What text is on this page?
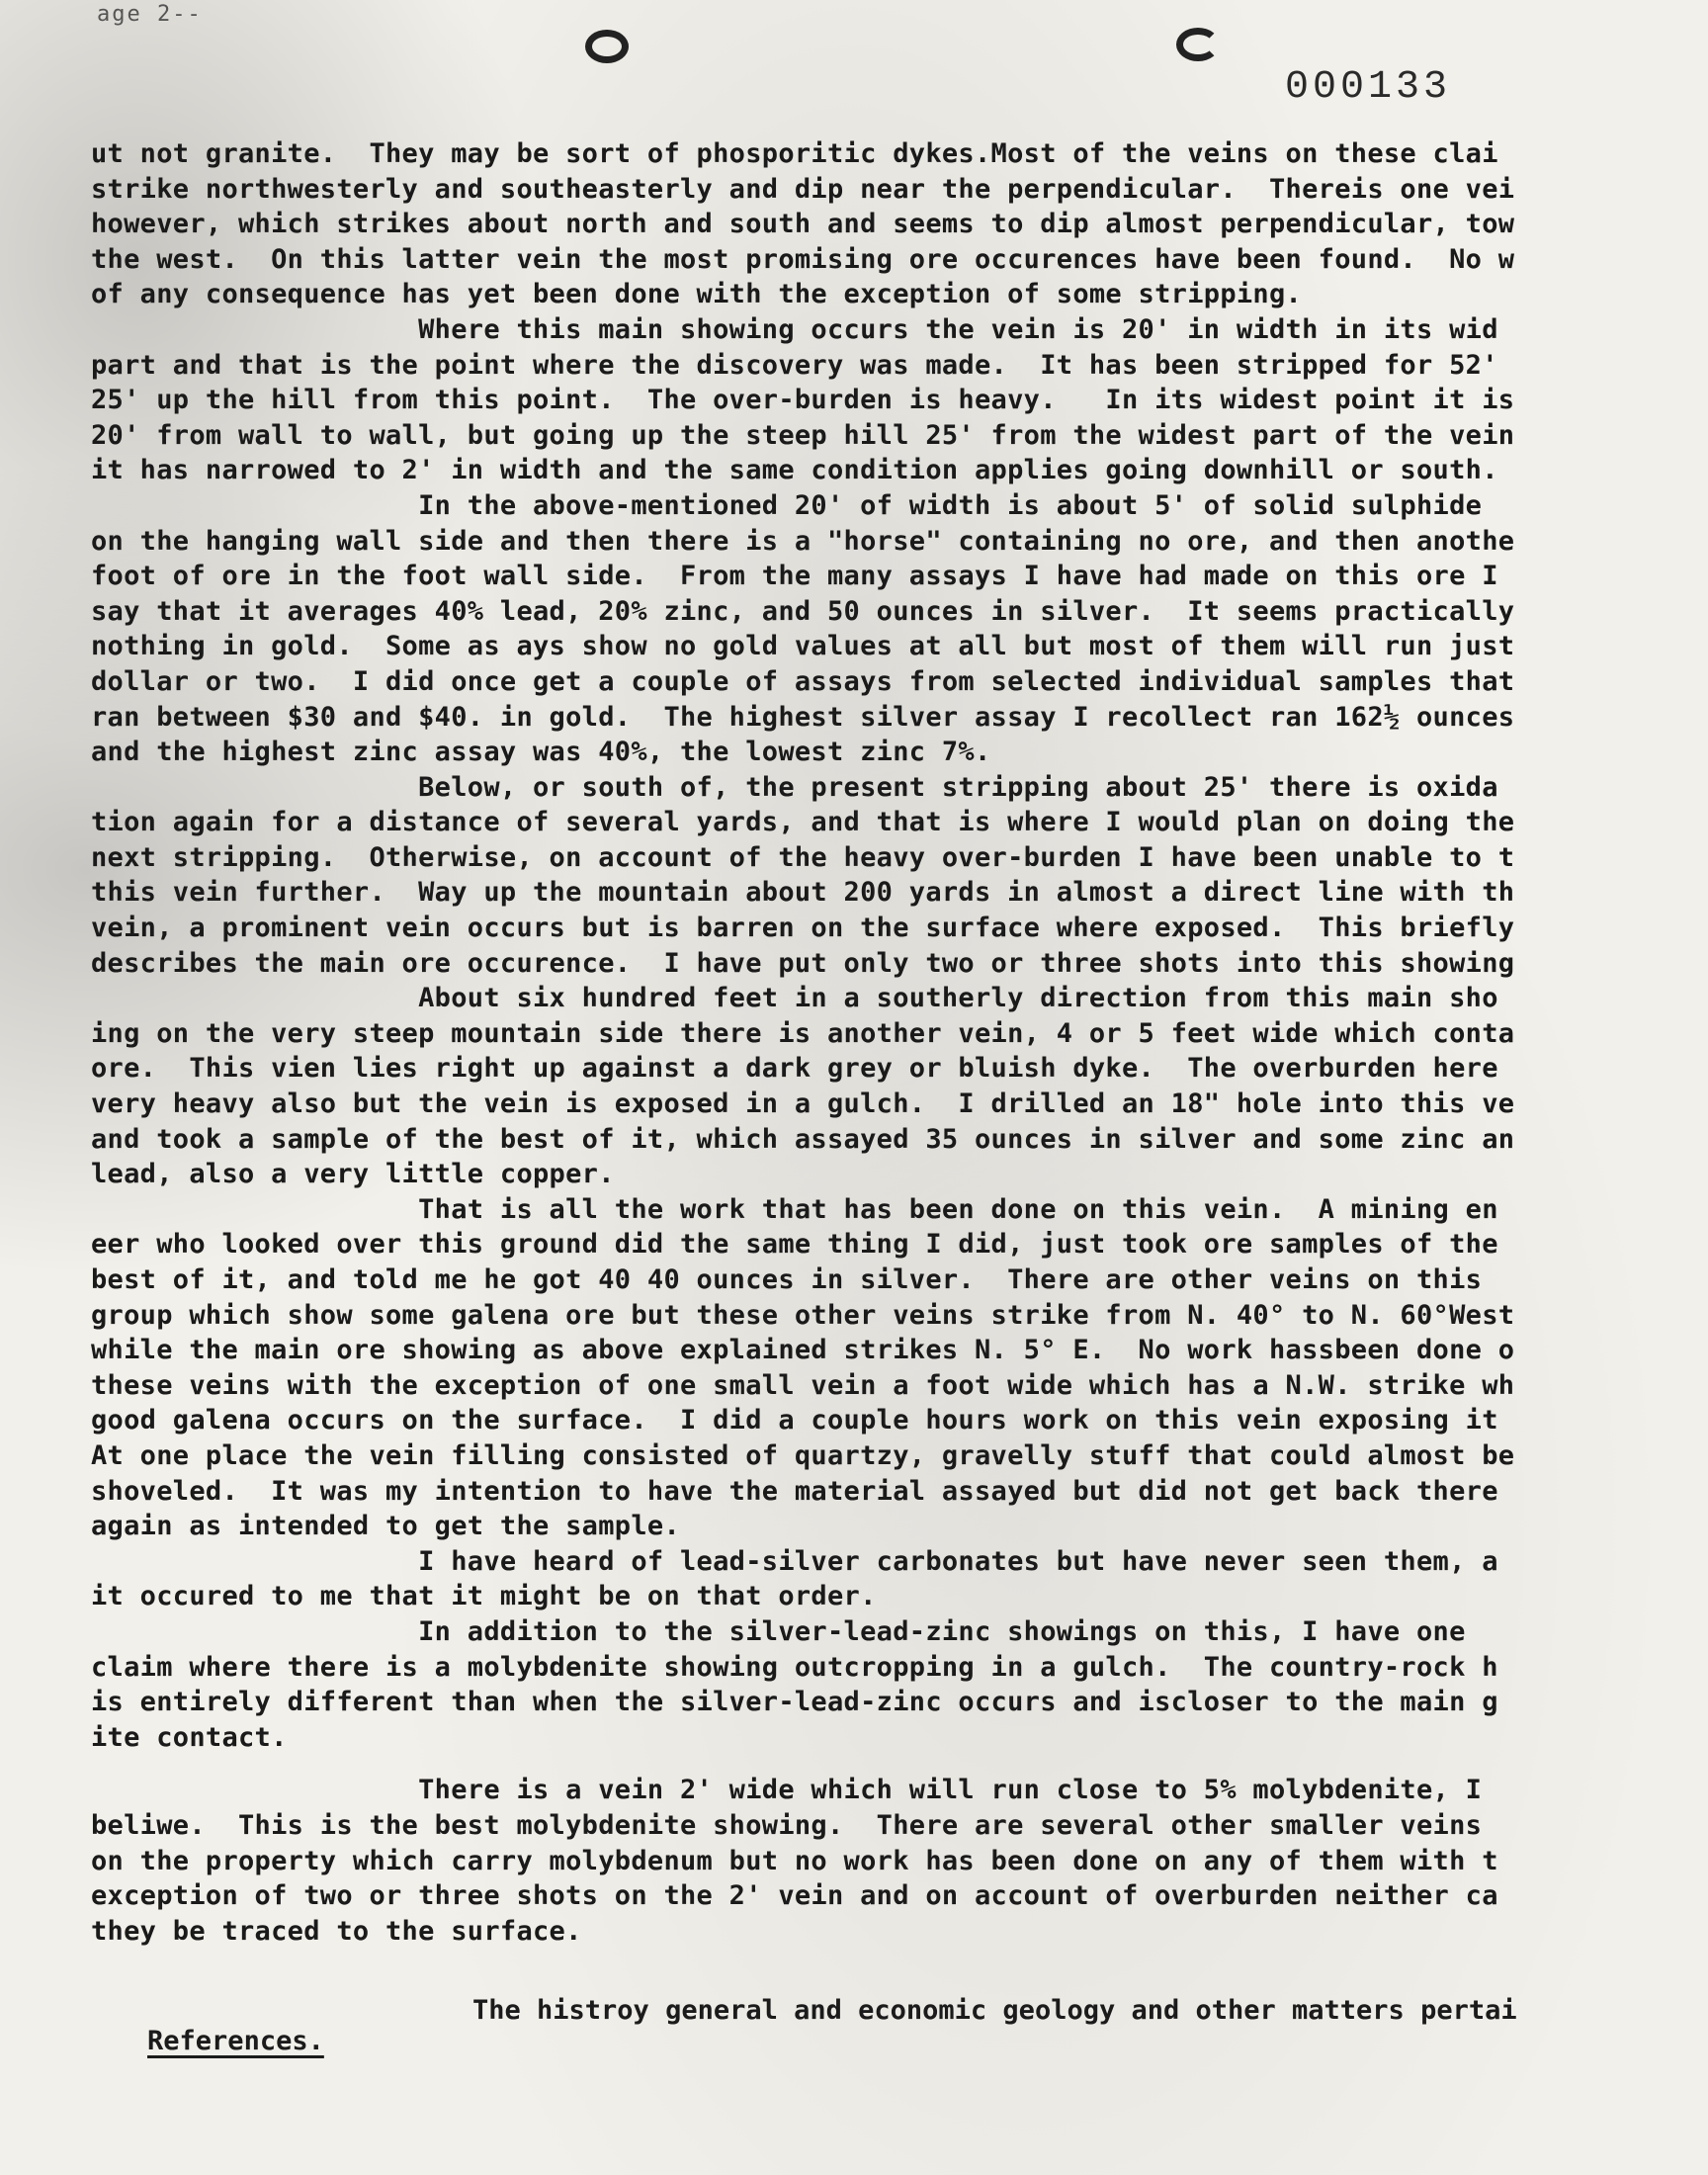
age 2--
000133
ut not granite.  They may be sort of phosporitic dykes.Most of the veins on these clai
strike northwesterly and southeasterly and dip near the perpendicular.  Thereis one vei
however, which strikes about north and south and seems to dip almost perpendicular, tow
the west.  On this latter vein the most promising ore occurences have been found.  No w
of any consequence has yet been done with the exception of some stripping.
Where this main showing occurs the vein is 20' in width in its wid
part and that is the point where the discovery was made.  It has been stripped for 52'
25' up the hill from this point.  The over-burden is heavy.   In its widest point it is
20' from wall to wall, but going up the steep hill 25' from the widest part of the vein
it has narrowed to 2' in width and the same condition applies going downhill or south.
In the above-mentioned 20' of width is about 5' of solid sulphide
on the hanging wall side and then there is a "horse" containing no ore, and then anothe
foot of ore in the foot wall side.  From the many assays I have had made on this ore I
say that it averages 40% lead, 20% zinc, and 50 ounces in silver.  It seems practically
nothing in gold.  Some as ays show no gold values at all but most of them will run just
dollar or two.  I did once get a couple of assays from selected individual samples that
ran between $30 and $40. in gold.  The highest silver assay I recollect ran 162½ ounces
and the highest zinc assay was 40%, the lowest zinc 7%.
Below, or south of, the present stripping about 25' there is oxida
tion again for a distance of several yards, and that is where I would plan on doing the
next stripping.  Otherwise, on account of the heavy over-burden I have been unable to t
this vein further.  Way up the mountain about 200 yards in almost a direct line with th
vein, a prominent vein occurs but is barren on the surface where exposed.  This briefly
describes the main ore occurence.  I have put only two or three shots into this showing
About six hundred feet in a southerly direction from this main sho
ing on the very steep mountain side there is another vein, 4 or 5 feet wide which conta
ore.  This vien lies right up against a dark grey or bluish dyke.  The overburden here
very heavy also but the vein is exposed in a gulch.  I drilled an 18" hole into this ve
and took a sample of the best of it, which assayed 35 ounces in silver and some zinc an
lead, also a very little copper.
That is all the work that has been done on this vein.  A mining en
eer who looked over this ground did the same thing I did, just took ore samples of the
best of it, and told me he got 40 40 ounces in silver.  There are other veins on this
group which show some galena ore but these other veins strike from N. 40° to N. 60°West
while the main ore showing as above explained strikes N. 5° E.  No work hassbeen done o
these veins with the exception of one small vein a foot wide which has a N.W. strike wh
good galena occurs on the surface.  I did a couple hours work on this vein exposing it
At one place the vein filling consisted of quartzy, gravelly stuff that could almost be
shoveled.  It was my intention to have the material assayed but did not get back there
again as intended to get the sample.
I have heard of lead-silver carbonates but have never seen them, a
it occured to me that it might be on that order.
In addition to the silver-lead-zinc showings on this, I have one
claim where there is a molybdenite showing outcropping in a gulch.  The country-rock h
is entirely different than when the silver-lead-zinc occurs and iscloser to the main g
ite contact.
There is a vein 2' wide which will run close to 5% molybdenite, I
beliwe.  This is the best molybdenite showing.  There are several other smaller veins
on the property which carry molybdenum but no work has been done on any of them with t
exception of two or three shots on the 2' vein and on account of overburden neither ca
they be traced to the surface.

References.

The histroy general and economic geology and other matters pertai
